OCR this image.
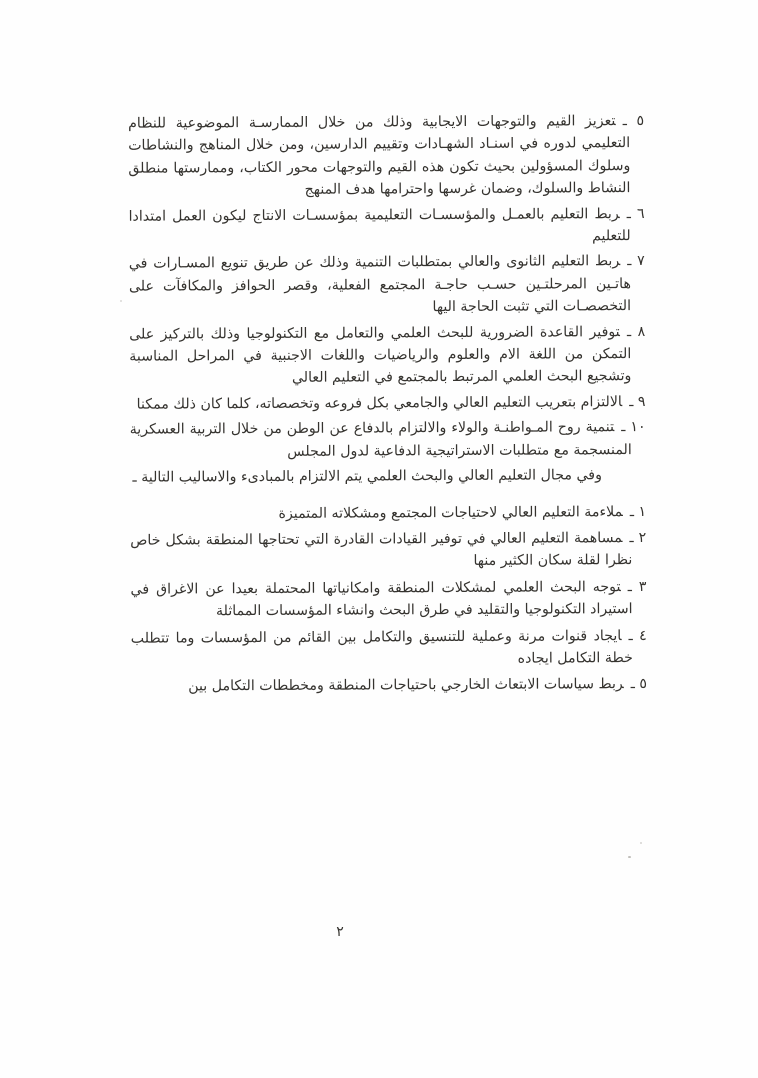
٥ ـتعزيز القيم والتوجهات الايجابية وذلك من خلال الممارسـة الموضوعية للنظام التعليمي لدوره في اسنـاد الشهـادات وتقييم الدارسين، ومن خلال المناهج والنشاطات وسلوك المسؤولين بحيث تكون هذه القيم والتوجهات محور الكتاب، وممارستها منطلق النشاط والسلوك، وضمان غرسها واحترامها هدف المنهج
٦ ـربط التعليم بالعمـل والمؤسسـات التعليمية بمؤسسـات الانتاج ليكون العمل امتدادا للتعليم
٧ ـربط التعليم الثانوى والعالي بمتطلبات التنمية وذلك عن طريق تنويع المسـارات في هاتـين المرحلتـين حسـب حاجـة المجتمع الفعلية، وقصر الحوافز والمكافآت على التخصصـات التي تثبت الحاجة اليها
٨ ـتوفير القاعدة الضرورية للبحث العلمي والتعامل مع التكنولوجيا وذلك بالتركيز على التمكن من اللغة الام والعلوم والرياضيات واللغات الاجنبية في المراحل المناسبة وتشجيع البحث العلمي المرتبط بالمجتمع في التعليم العالي
٩ ـالالتزام بتعريب التعليم العالي والجامعي بكل فروعه وتخصصاته، كلما كان ذلك ممكنا
١٠ ـتنمية روح المـواطنـة والولاء والالتزام بالدفاع عن الوطن من خلال التربية العسكرية المنسجمة مع متطلبات الاستراتيجية الدفاعية لدول المجلس

وفي مجال التعليم العالي والبحث العلمي يتم الالتزام بالمبادىء والاساليب التالية ـ

١ ـملاءمة التعليم العالي لاحتياجات المجتمع ومشكلاته المتميزة
٢ ـمساهمة التعليم العالي في توفير القيادات القادرة التي تحتاجها المنطقة بشكل خاص نظرا لقلة سكان الكثير منها
٣ ـتوجه البحث العلمي لمشكلات المنطقة وامكانياتها المحتملة بعيدا عن الاغراق في استيراد التكنولوجيا والتقليد في طرق البحث وانشاء المؤسسات المماثلة
٤ ـايجاد قنوات مرنة وعملية للتنسيق والتكامل بين القائم من المؤسسات وما تتطلب خطة التكامل ايجاده
٥ ـربط سياسات الابتعاث الخارجي باحتياجات المنطقة ومخططات التكامل بين
٢
